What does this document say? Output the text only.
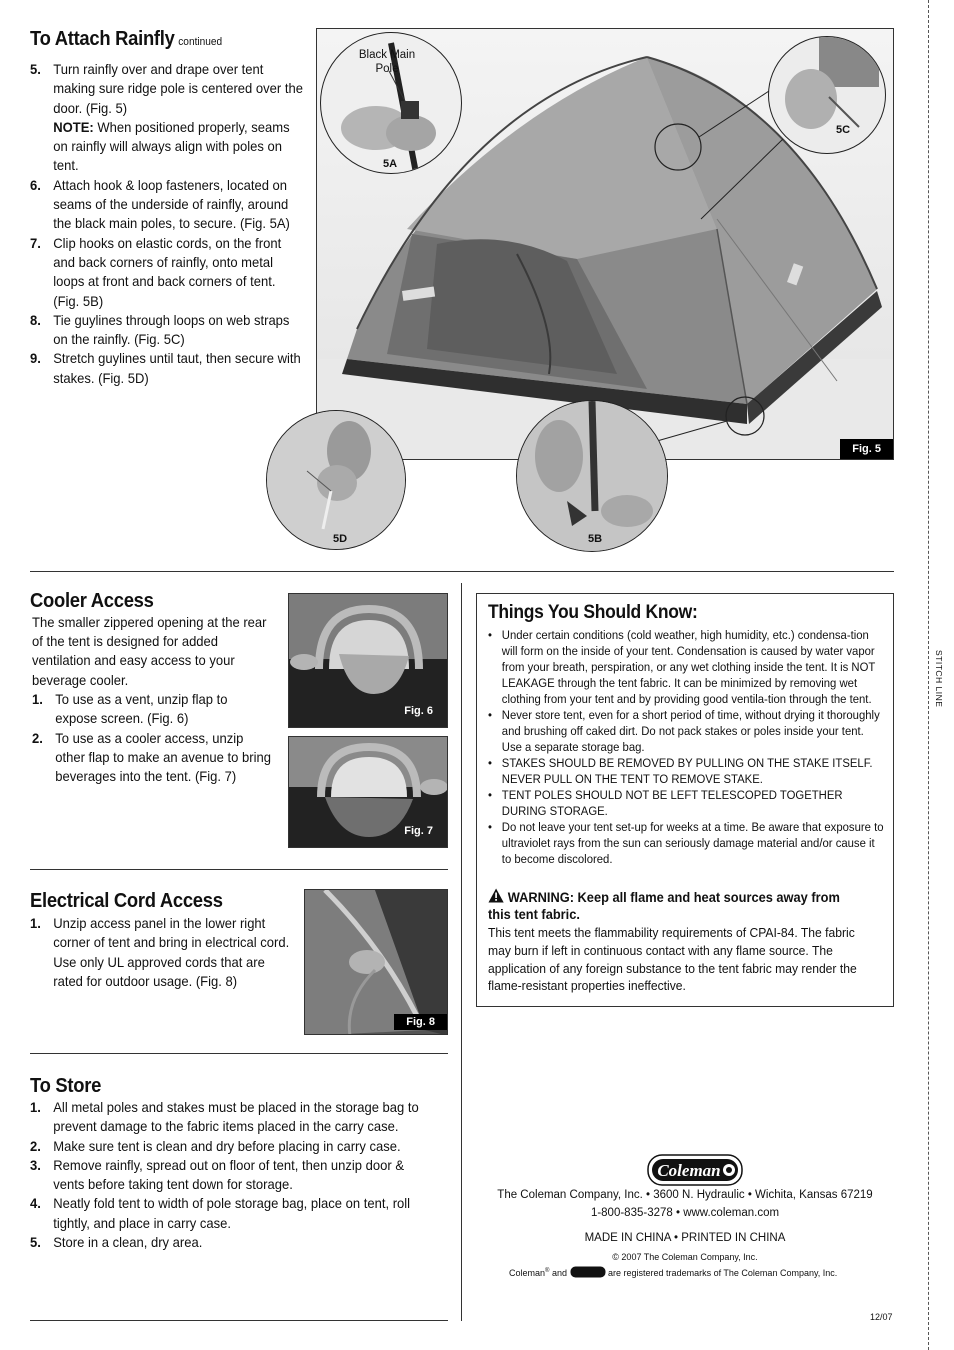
To Attach Rainfly continued
5. Turn rainfly over and drape over tent making sure ridge pole is centered over the door. (Fig. 5)
NOTE: When positioned properly, seams on rainfly will always align with poles on tent.
6. Attach hook & loop fasteners, located on seams of the underside of rainfly, around the black main poles, to secure. (Fig. 5A)
7. Clip hooks on elastic cords, on the front and back corners of rainfly, onto metal loops at front and back corners of tent. (Fig. 5B)
8. Tie guylines through loops on web straps on the rainfly. (Fig. 5C)
9. Stretch guylines until taut, then secure with stakes. (Fig. 5D)
Fig. 5
Black Main Pole
5A
5C
5D	5B
Cooler Access
The smaller zippered opening at the rear of the tent is designed for added ventilation and easy access to your beverage cooler.
1. To use as a vent, unzip flap to expose screen. (Fig. 6)
2. To use as a cooler access, unzip other flap to make an avenue to bring beverages into the tent. (Fig. 7)
Fig. 6
Fig. 7
Electrical Cord Access
1. Unzip access panel in the lower right corner of tent and bring in electrical cord. Use only UL approved cords that are rated for outdoor usage. (Fig. 8)
Fig. 8
To Store
1. All metal poles and stakes must be placed in the storage bag to prevent damage to the fabric items placed in the carry case.
2. Make sure tent is clean and dry before placing in carry case.
3. Remove rainfly, spread out on floor of tent, then unzip door & vents before taking tent down for storage.
4. Neatly fold tent to width of pole storage bag, place on tent, roll tightly, and place in carry case.
5. Store in a clean, dry area.
Things You Should Know:
• Under certain conditions (cold weather, high humidity, etc.) condensa-tion will form on the inside of your tent. Condensation is caused by water vapor from your breath, perspiration, or any wet clothing inside the tent. It is NOT LEAKAGE through the tent fabric. It can be minimized by removing wet clothing from your tent and by providing good ventila-tion through the tent.
• Never store tent, even for a short period of time, without drying it thoroughly and brushing off caked dirt. Do not pack stakes or poles inside your tent. Use a separate storage bag.
• STAKES SHOULD BE REMOVED BY PULLING ON THE STAKE ITSELF. NEVER PULL ON THE TENT TO REMOVE STAKE.
• TENT POLES SHOULD NOT BE LEFT TELESCOPED TOGETHER DURING STORAGE.
• Do not leave your tent set-up for weeks at a time. Be aware that exposure to ultraviolet rays from the sun can seriously damage material and/or cause it to become discolored.
WARNING: Keep all flame and heat sources away from this tent fabric.
This tent meets the flammability requirements of CPAI-84. The fabric may burn if left in continuous contact with any flame source. The application of any foreign substance to the tent fabric may render the flame-resistant properties ineffective.
Coleman
The Coleman Company, Inc. • 3600 N. Hydraulic • Wichita, Kansas 67219
1-800-835-3278 • www.coleman.com
MADE IN CHINA • PRINTED IN CHINA
© 2007 The Coleman Company, Inc.
Coleman® and	are registered trademarks of The Coleman Company, Inc.
12/07
STITCH LINE
